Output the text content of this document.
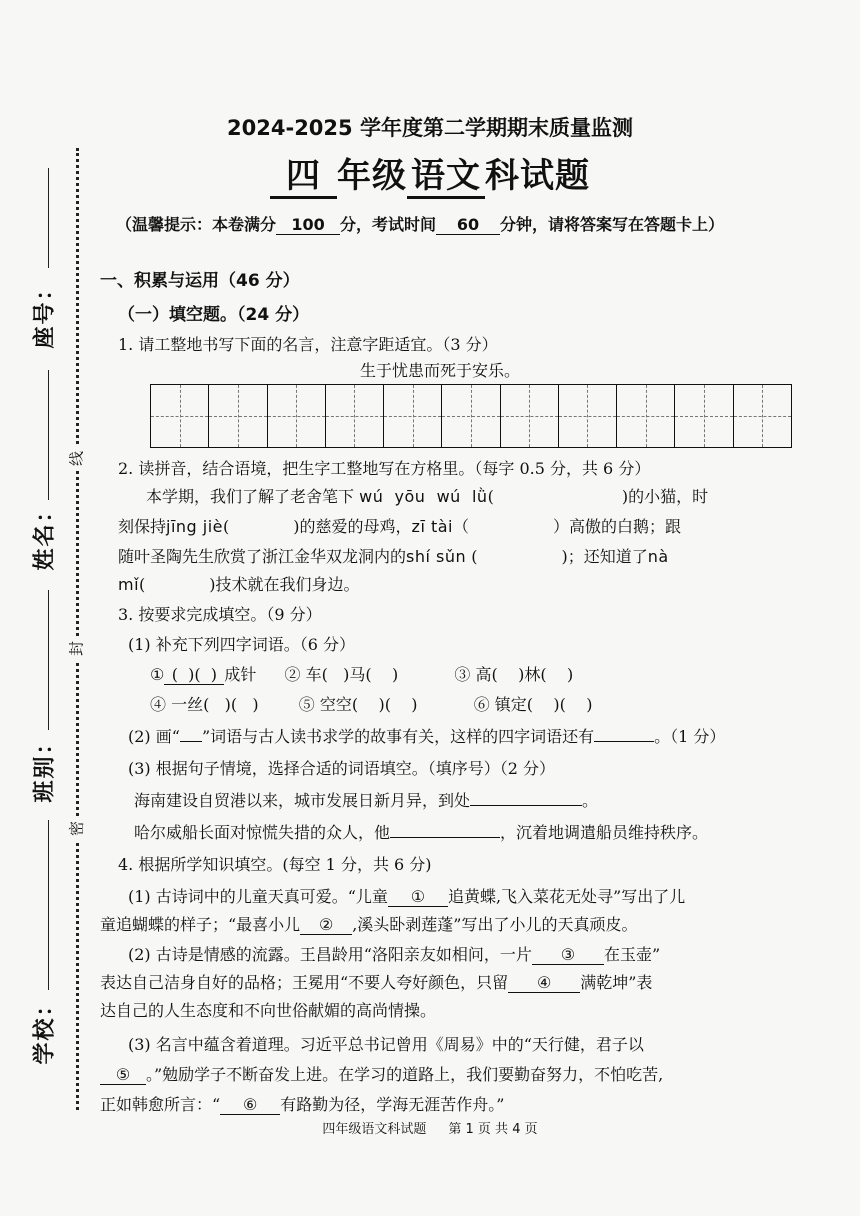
座号：
姓名：
班别：
学校：
线
封
密
2024-2025 学年度第二学期期末质量监测
四 年级 语文 科试题
（温馨提示：本卷满分 100 分，考试时间 60 分钟，请将答案写在答题卡上）
一、积累与运用（46 分）
（一）填空题。（24 分）
1. 请工整地书写下面的名言，注意字距适宜。（3 分）
生于忧患而死于安乐。
2. 读拼音，结合语境，把生字工整地写在方格里。（每字 0.5 分，共 6 分）
本学期，我们了解了老舍笔下 wú  yōu  wú  lǜ(	)的小猫，时
刻保持jīng jiè(	)的慈爱的母鸡，zī tài（	）高傲的白鹅；跟
随叶圣陶先生欣赏了浙江金华双龙洞内的shí sǔn (	)；还知道了nà
mǐ(	)技术就在我们身边。
3. 按要求完成填空。（9 分）
(1) 补充下列四字词语。（6 分）
① (  )(  ) 成针 ② 车(   )马(    )	③ 高(    )林(    )
④ 一丝(   )(   )	⑤ 空空(    )(    )	⑥ 镇定(    )(    )
(2) 画“ ”词语与古人读书求学的故事有关，这样的四字词语还有	。（1 分）
(3) 根据句子情境，选择合适的词语填空。（填序号）（2 分）
海南建设自贸港以来，城市发展日新月异，到处	。
哈尔威船长面对惊慌失措的众人，他	，沉着地调遣船员维持秩序。
4. 根据所学知识填空。(每空 1 分，共 6 分)
(1) 古诗词中的儿童天真可爱。“儿童 ① 追黄蝶,飞入菜花无处寻”写出了儿
童追蝴蝶的样子；“最喜小儿 ② ,溪头卧剥莲蓬”写出了小儿的天真顽皮。
(2) 古诗是情感的流露。王昌龄用“洛阳亲友如相问，一片 ③ 在玉壶”
表达自己洁身自好的品格；王冕用“不要人夸好颜色，只留 ④ 满乾坤”表
达自己的人生态度和不向世俗献媚的高尚情操。
(3) 名言中蕴含着道理。习近平总书记曾用《周易》中的“天行健，君子以
⑤ 。”勉励学子不断奋发上进。在学习的道路上，我们要勤奋努力，不怕吃苦,
正如韩愈所言：“ ⑥ 有路勤为径，学海无涯苦作舟。”
四年级语文科试题 第 1 页 共 4 页
